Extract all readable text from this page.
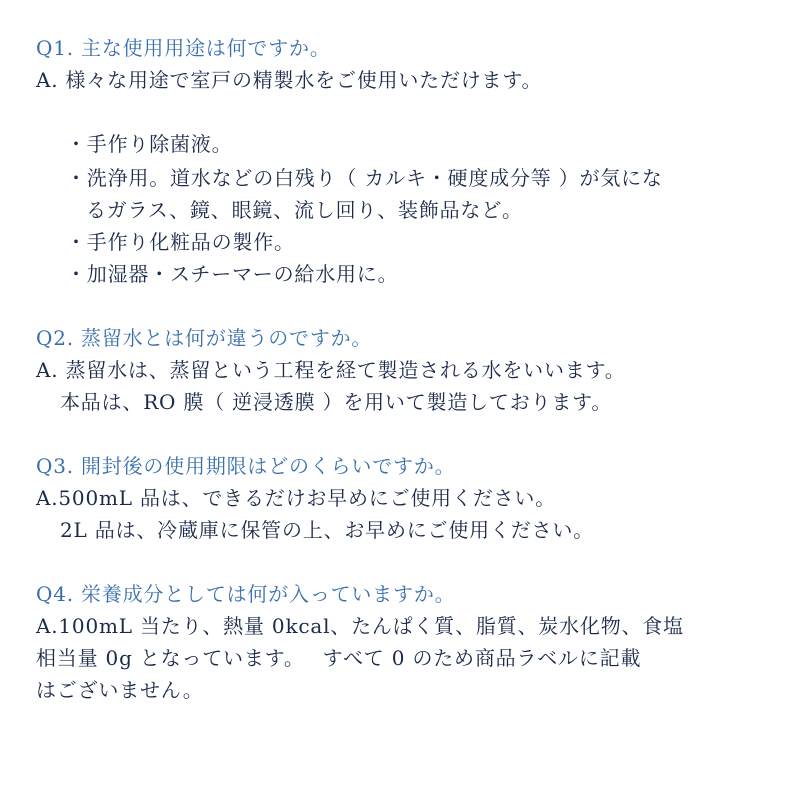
Q1. 主な使用用途は何ですか。
A. 様々な用途で室戸の精製水をご使用いただけます。
・手作り除菌液。
・洗浄用。道水などの白残り（ カルキ・硬度成分等 ）が気にな
るガラス、鏡、眼鏡、流し回り、装飾品など。
・手作り化粧品の製作。
・加湿器・スチーマーの給水用に。
Q2. 蒸留水とは何が違うのですか。
A. 蒸留水は、蒸留という工程を経て製造される水をいいます。
本品は、RO 膜（ 逆浸透膜 ）を用いて製造しております。
Q3. 開封後の使用期限はどのくらいですか。
A.500mL 品は、できるだけお早めにご使用ください。
2L 品は、冷蔵庫に保管の上、お早めにご使用ください。
Q4. 栄養成分としては何が入っていますか。
A.100mL 当たり、熱量 0kcal、たんぱく質、脂質、炭水化物、食塩
相当量 0g となっています。　 すべて 0 のため商品ラベルに記載
はございません。
